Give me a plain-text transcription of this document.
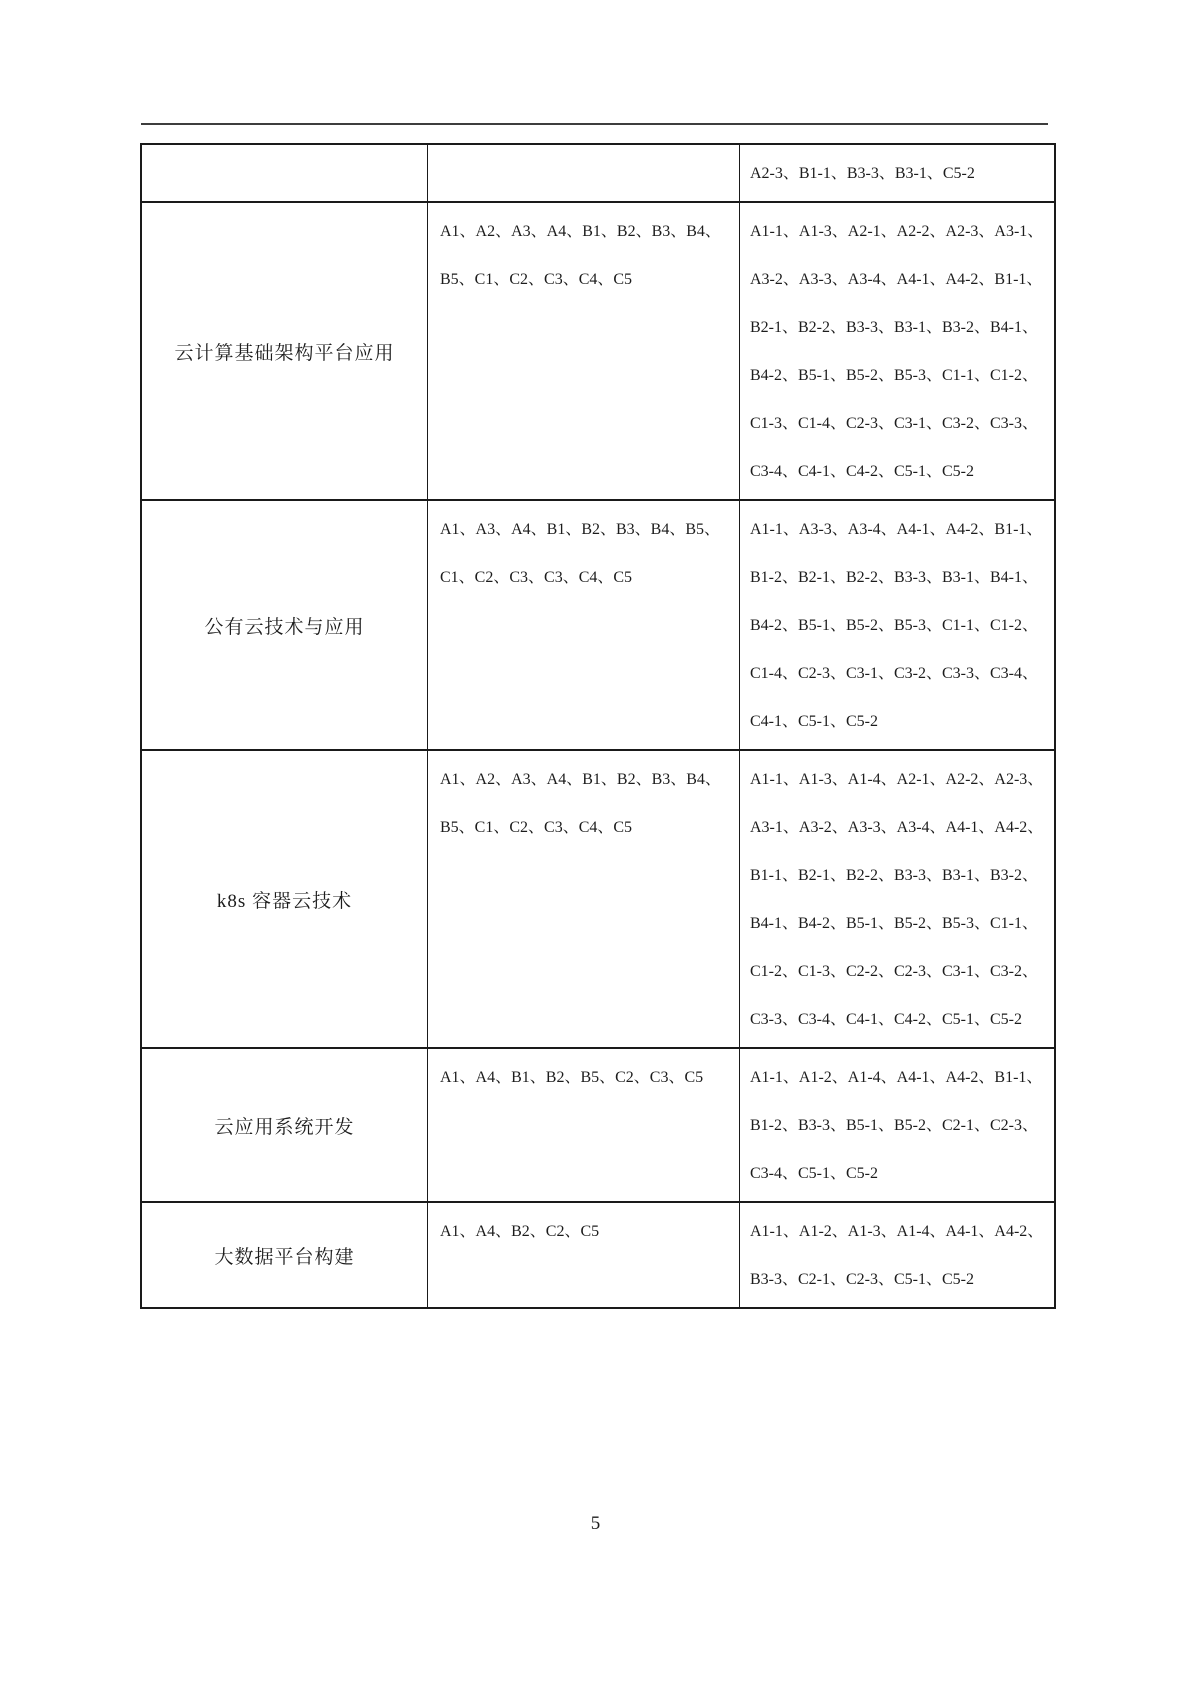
A2-3、B1-1、B3-3、B3-1、C5-2
云计算基础架构平台应用
A1、A2、A3、A4、B1、B2、B3、B4、
B5、C1、C2、C3、C4、C5
A1-1、A1-3、A2-1、A2-2、A2-3、A3-1、
A3-2、A3-3、A3-4、A4-1、A4-2、B1-1、
B2-1、B2-2、B3-3、B3-1、B3-2、B4-1、
B4-2、B5-1、B5-2、B5-3、C1-1、C1-2、
C1-3、C1-4、C2-3、C3-1、C3-2、C3-3、
C3-4、C4-1、C4-2、C5-1、C5-2
公有云技术与应用
A1、A3、A4、B1、B2、B3、B4、B5、
C1、C2、C3、C3、C4、C5
A1-1、A3-3、A3-4、A4-1、A4-2、B1-1、
B1-2、B2-1、B2-2、B3-3、B3-1、B4-1、
B4-2、B5-1、B5-2、B5-3、C1-1、C1-2、
C1-4、C2-3、C3-1、C3-2、C3-3、C3-4、
C4-1、C5-1、C5-2
k8s 容器云技术
A1、A2、A3、A4、B1、B2、B3、B4、
B5、C1、C2、C3、C4、C5
A1-1、A1-3、A1-4、A2-1、A2-2、A2-3、
A3-1、A3-2、A3-3、A3-4、A4-1、A4-2、
B1-1、B2-1、B2-2、B3-3、B3-1、B3-2、
B4-1、B4-2、B5-1、B5-2、B5-3、C1-1、
C1-2、C1-3、C2-2、C2-3、C3-1、C3-2、
C3-3、C3-4、C4-1、C4-2、C5-1、C5-2
云应用系统开发
A1、A4、B1、B2、B5、C2、C3、C5	A1-1、A1-2、A1-4、A4-1、A4-2、B1-1、
B1-2、B3-3、B5-1、B5-2、C2-1、C2-3、
C3-4、C5-1、C5-2
大数据平台构建
A1、A4、B2、C2、C5	A1-1、A1-2、A1-3、A1-4、A4-1、A4-2、
B3-3、C2-1、C2-3、C5-1、C5-2
5
